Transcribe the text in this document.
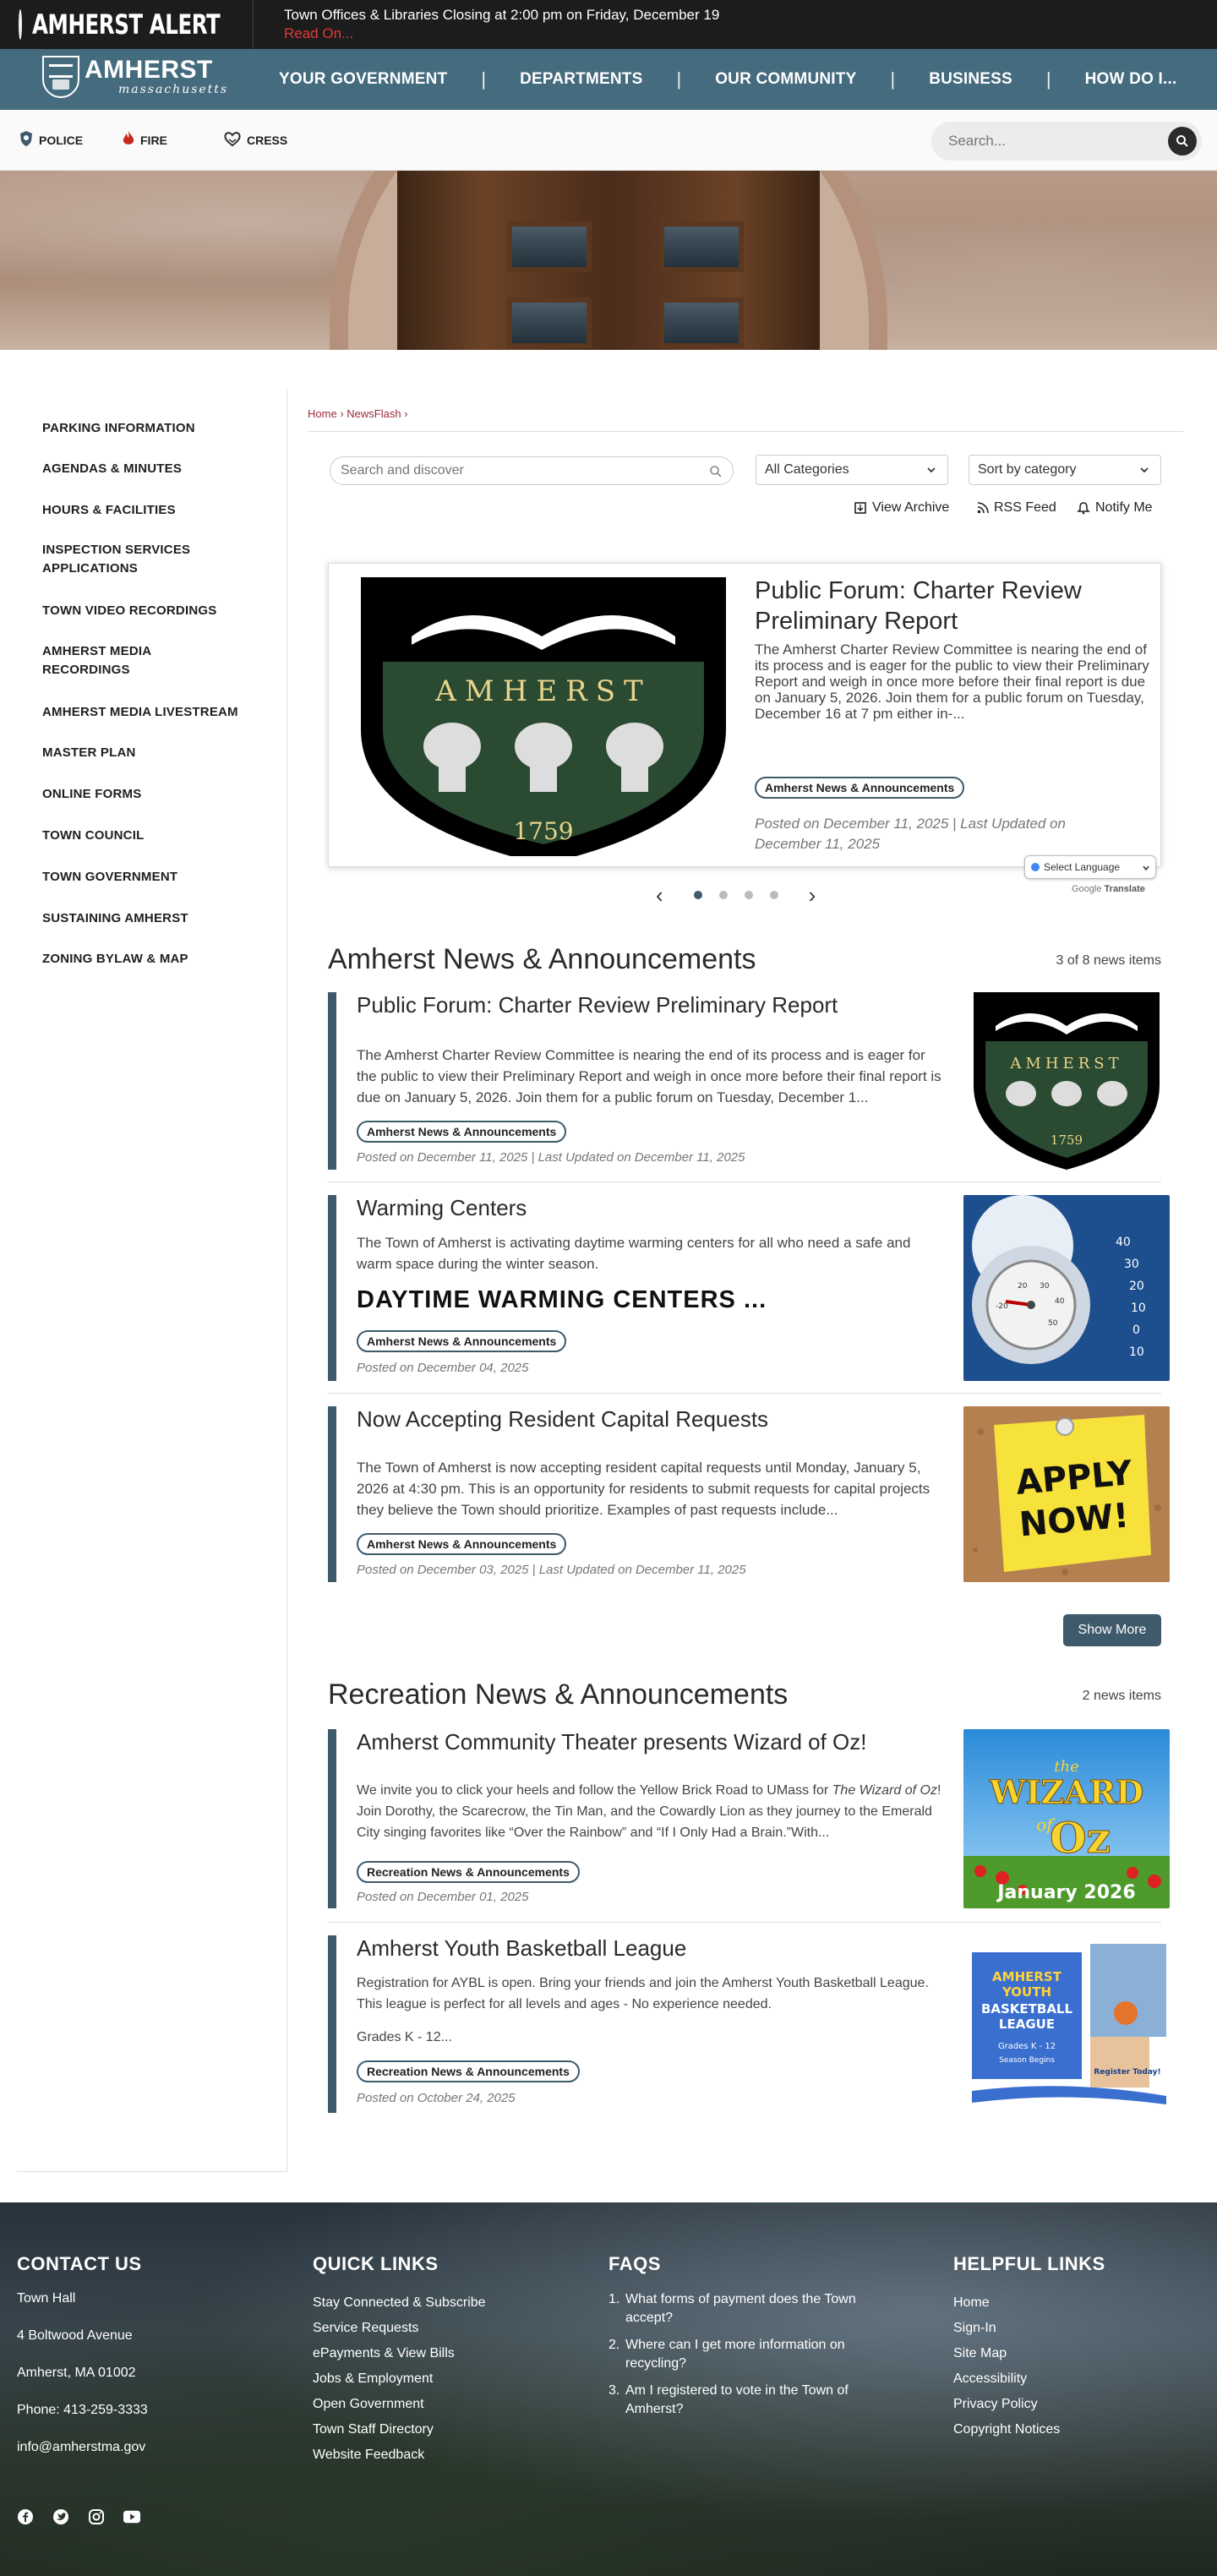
AMHERST ALERT	Town Offices & Libraries Closing at 2:00 pm on Friday, December 19
Read On...
AMHERST
massachusetts
YOUR GOVERNMENT | DEPARTMENTS | OUR COMMUNITY | BUSINESS | HOW DO I...
POLICE	FIRE	CRESS
Search...
PARKING INFORMATION
AGENDAS & MINUTES
HOURS & FACILITIES
INSPECTION SERVICES APPLICATIONS
TOWN VIDEO RECORDINGS
AMHERST MEDIA RECORDINGS
AMHERST MEDIA LIVESTREAM
MASTER PLAN
ONLINE FORMS
TOWN COUNCIL
TOWN GOVERNMENT
SUSTAINING AMHERST
ZONING BYLAW & MAP
Home › NewsFlash ›
Search and discover
All Categories	Sort by category
View Archive	RSS Feed	Notify Me
AMHERST
1759
Public Forum: Charter Review Preliminary Report
The Amherst Charter Review Committee is nearing the end of its process and is eager for the public to view their Preliminary Report and weigh in once more before their final report is due on January 5, 2026. Join them for a public forum on Tuesday, December 16 at 7 pm either in-...
Amherst News & Announcements
Posted on December 11, 2025 | Last Updated on December 11, 2025
Select Language
Google Translate
‹	›
Amherst News & Announcements	3 of 8 news items
Public Forum: Charter Review Preliminary Report
The Amherst Charter Review Committee is nearing the end of its process and is eager for the public to view their Preliminary Report and weigh in once more before their final report is due on January 5, 2026. Join them for a public forum on Tuesday, December 1...
Amherst News & Announcements
Posted on December 11, 2025 | Last Updated on December 11, 2025
AMHERST
1759
Warming Centers
The Town of Amherst is activating daytime warming centers for all who need a safe and warm space during the winter season.
DAYTIME WARMING CENTERS ...
Amherst News & Announcements
Posted on December 04, 2025
40
30
20
10
0
10
20 30
40
50
-20
Now Accepting Resident Capital Requests
The Town of Amherst is now accepting resident capital requests until Monday, January 5, 2026 at 4:30 pm. This is an opportunity for residents to submit requests for capital projects they believe the Town should prioritize. Examples of past requests include...
Amherst News & Announcements
Posted on December 03, 2025 | Last Updated on December 11, 2025
APPLY
NOW!
Show More
Recreation News & Announcements	2 news items
Amherst Community Theater presents Wizard of Oz!
We invite you to click your heels and follow the Yellow Brick Road to UMass for The Wizard of Oz! Join Dorothy, the Scarecrow, the Tin Man, and the Cowardly Lion as they journey to the Emerald City singing favorites like “Over the Rainbow” and “If I Only Had a Brain.”With...
Recreation News & Announcements
Posted on December 01, 2025
the
WIZARD
of
Oz
January 2026
Amherst Youth Basketball League
Registration for AYBL is open. Bring your friends and join the Amherst Youth Basketball League. This league is perfect for all levels and ages - No experience needed.
Grades K - 12...
Recreation News & Announcements
Posted on October 24, 2025
AMHERST
YOUTH
BASKETBALL
LEAGUE
Grades K - 12
Season Begins
Register Today!
CONTACT US
Town Hall
4 Boltwood Avenue
Amherst, MA 01002
Phone: 413-259-3333
info@amherstma.gov
QUICK LINKS
Stay Connected & Subscribe
Service Requests
ePayments & View Bills
Jobs & Employment
Open Government
Town Staff Directory
Website Feedback
FAQS
1. What forms of payment does the Town accept?
2. Where can I get more information on recycling?
3. Am I registered to vote in the Town of Amherst?
HELPFUL LINKS
Home
Sign-In
Site Map
Accessibility
Privacy Policy
Copyright Notices
